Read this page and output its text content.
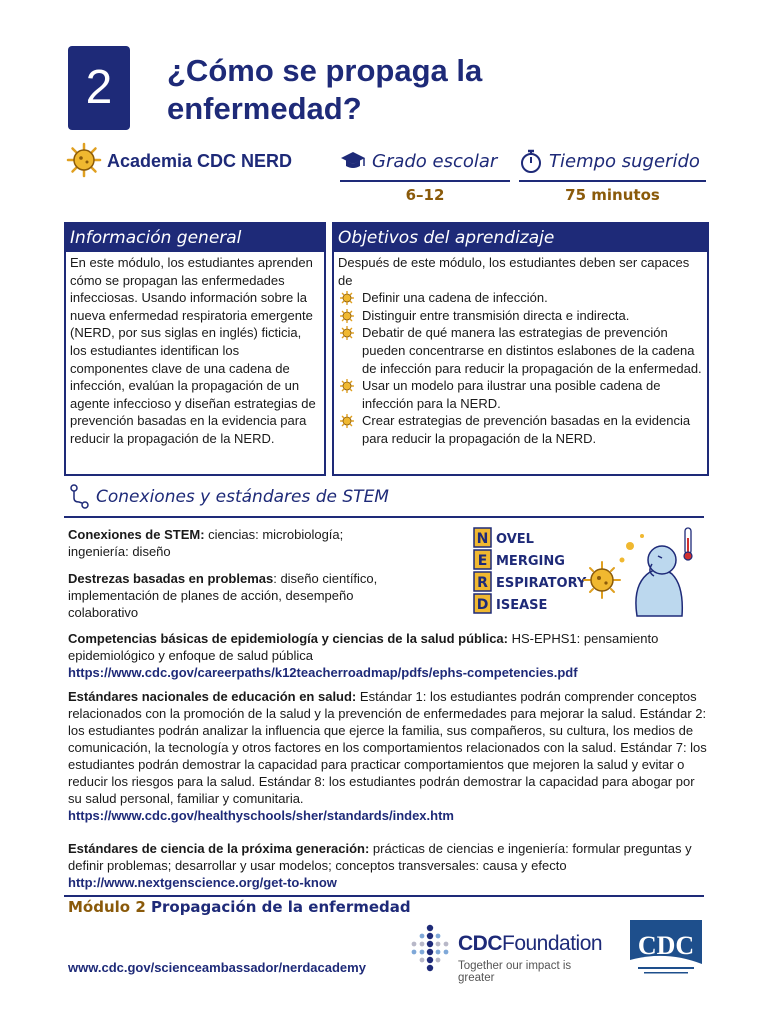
2	¿Cómo se propaga la
enfermedad?
Academia CDC NERD	Grado escolar
6–12
Tiempo sugerido
75 minutos
Información general
En este módulo, los estudiantes aprenden cómo se propagan las enfermedades infecciosas. Usando información sobre la nueva enfermedad respiratoria emergente (NERD, por sus siglas en inglés) ficticia, los estudiantes identifican los componentes clave de una cadena de infección, evalúan la propagación de un agente infeccioso y diseñan estrategias de prevención basadas en la evidencia para reducir la propagación de la NERD.
Objetivos del aprendizaje
Después de este módulo, los estudiantes deben ser capaces de
Definir una cadena de infección.
Distinguir entre transmisión directa e indirecta.
Debatir de qué manera las estrategias de prevención pueden concentrarse en distintos eslabones de la cadena de infección para reducir la propagación de la enfermedad.
Usar un modelo para ilustrar una posible cadena de infección para la NERD.
Crear estrategias de prevención basadas en la evidencia para reducir la propagación de la NERD.
Conexiones y estándares de STEM
Conexiones de STEM: ciencias: microbiología; ingeniería: diseño
Destrezas basadas en problemas: diseño científico, implementación de planes de acción, desempeño colaborativo
N OVEL
E MERGING
R ESPIRATORY
D ISEASE
Competencias básicas de epidemiología y ciencias de la salud pública: HS-EPHS1: pensamiento epidemiológico y enfoque de salud pública
https://www.cdc.gov/careerpaths/k12teacherroadmap/pdfs/ephs-competencies.pdf
Estándares nacionales de educación en salud: Estándar 1: los estudiantes podrán comprender conceptos relacionados con la promoción de la salud y la prevención de enfermedades para mejorar la salud. Estándar 2: los estudiantes podrán analizar la influencia que ejerce la familia, sus compañeros, su cultura, los medios de comunicación, la tecnología y otros factores en los comportamientos relacionados con la salud. Estándar 7: los estudiantes podrán demostrar la capacidad para practicar comportamientos que mejoren la salud y evitar o reducir los riesgos para la salud. Estándar 8: los estudiantes podrán demostrar la capacidad para abogar por su salud personal, familiar y comunitaria.
https://www.cdc.gov/healthyschools/sher/standards/index.htm
Estándares de ciencia de la próxima generación: prácticas de ciencias e ingeniería: formular preguntas y definir problemas; desarrollar y usar modelos; conceptos transversales: causa y efecto
http://www.nextgenscience.org/get-to-know
Módulo 2 Propagación de la enfermedad
www.cdc.gov/scienceambassador/nerdacademy
CDCFoundation
Together our impact is greater
CDC
